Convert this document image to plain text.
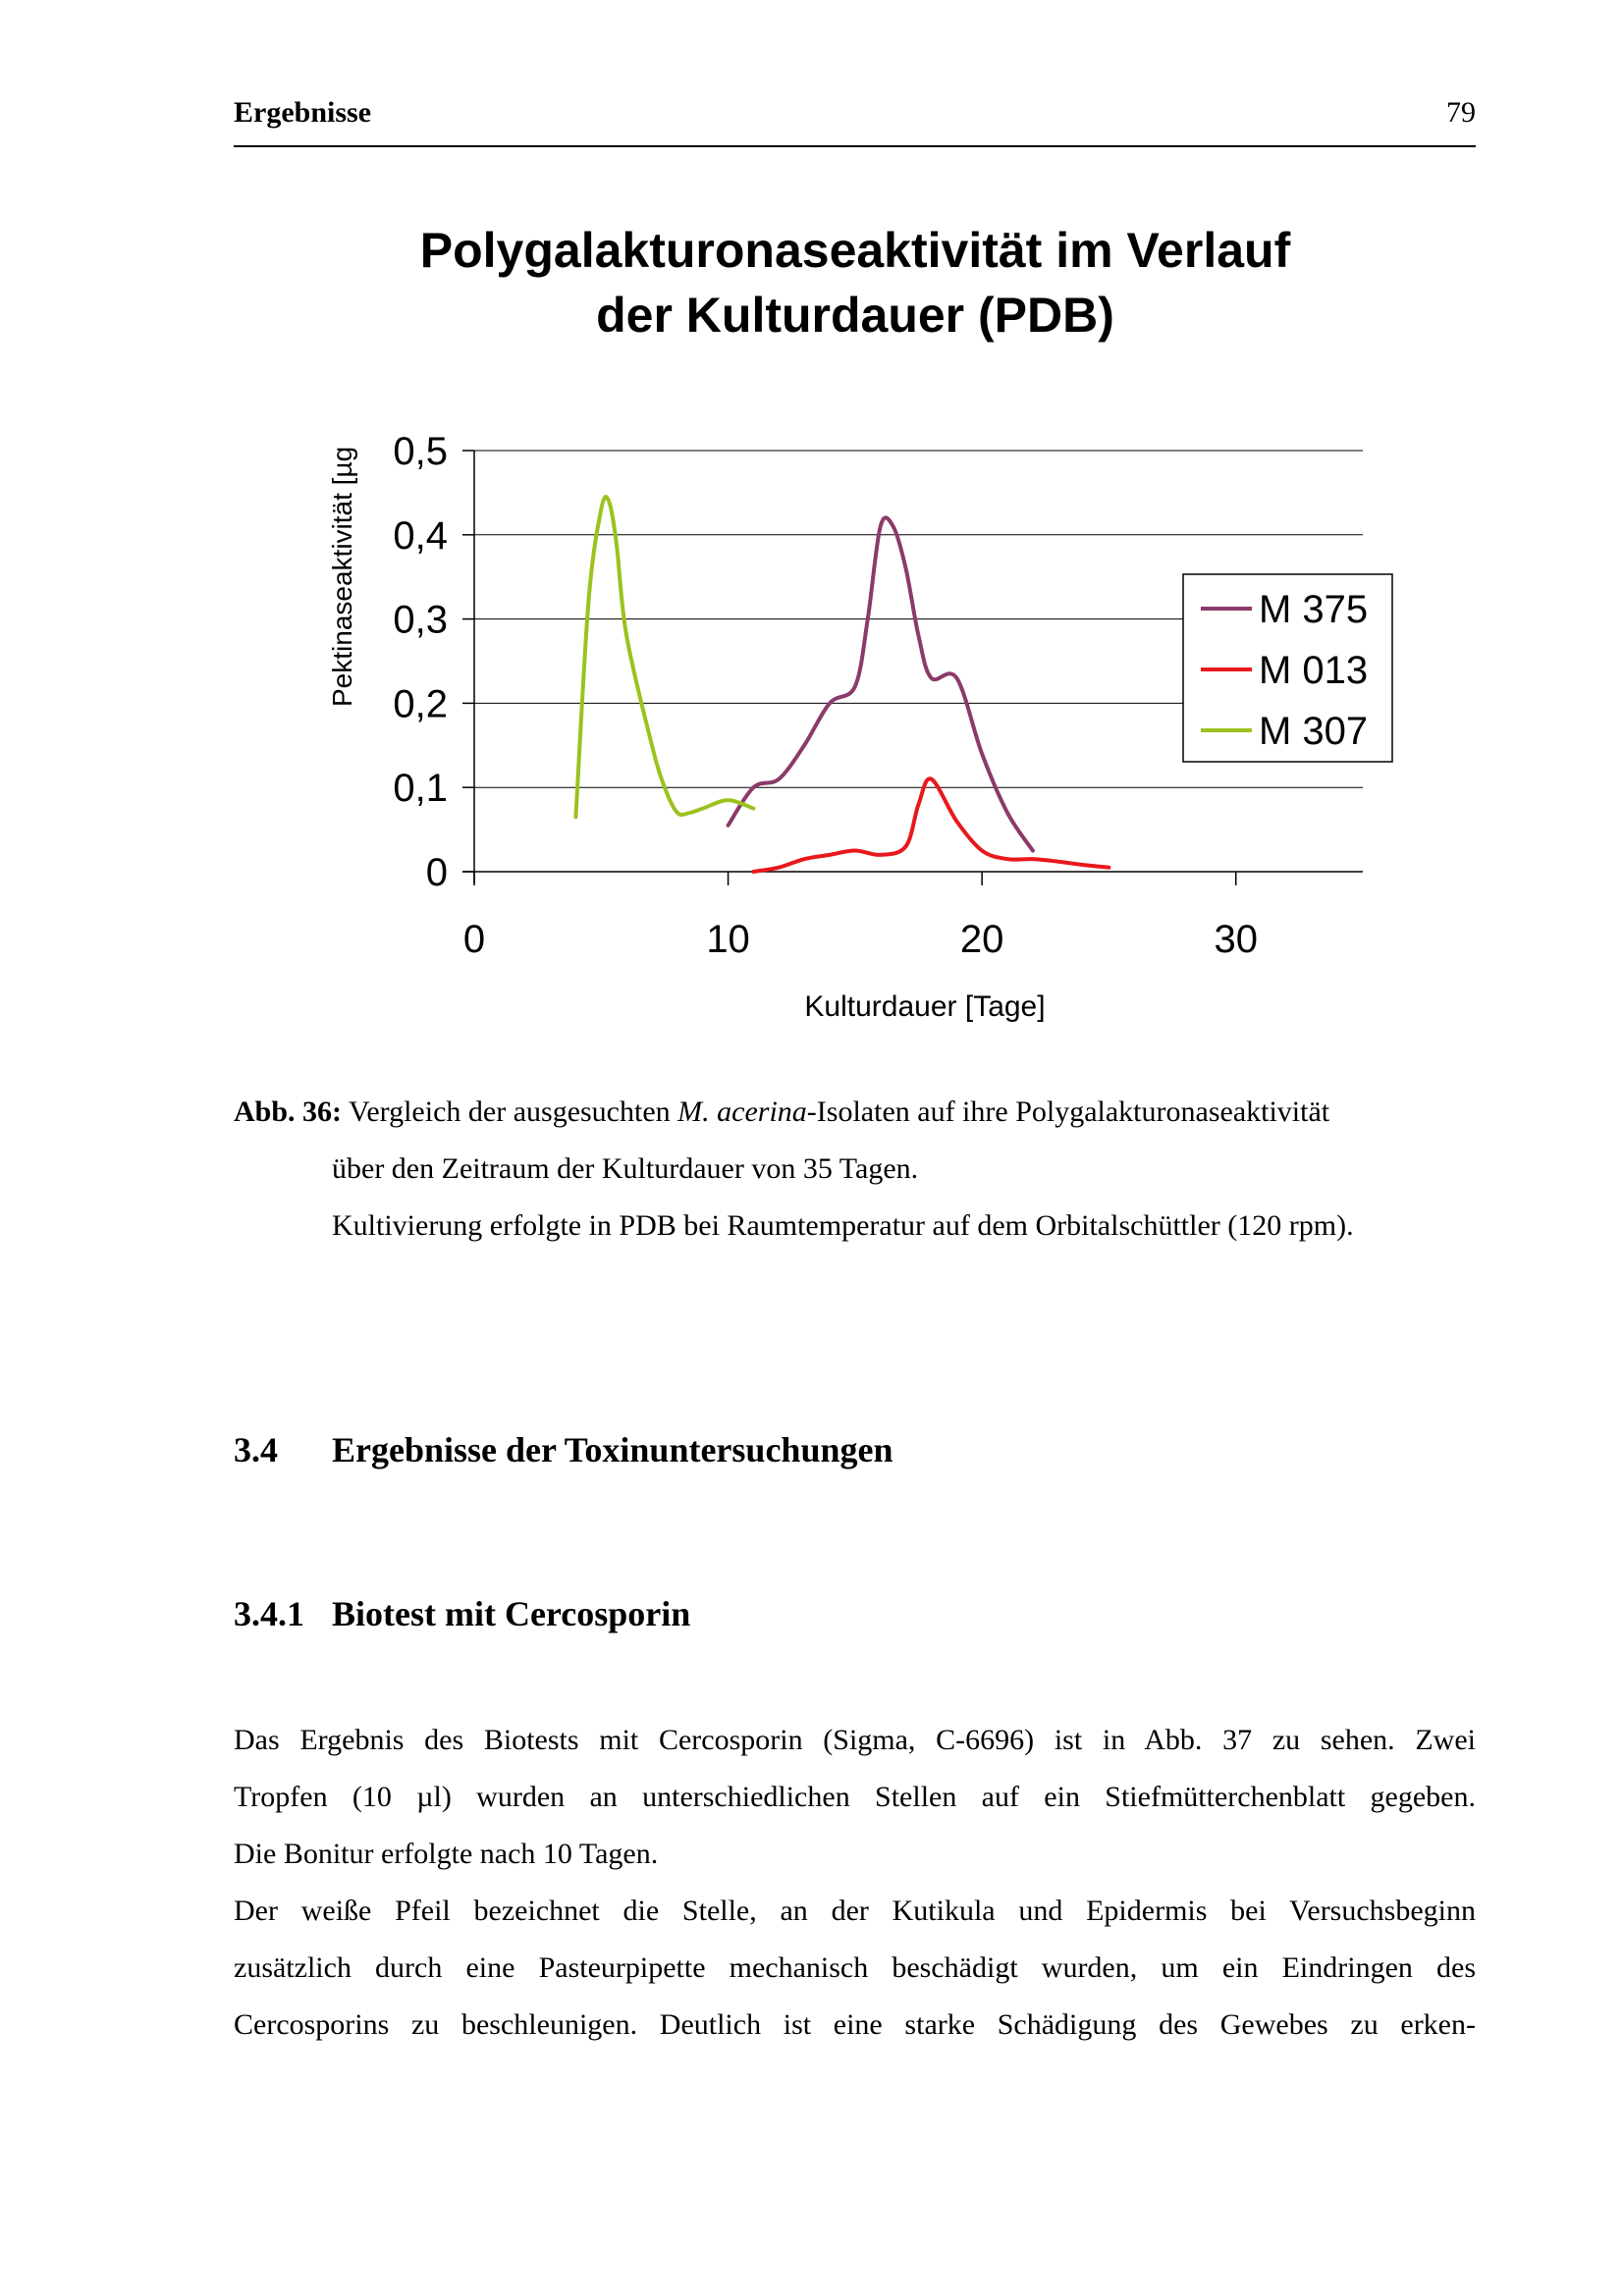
Ergebnisse	79
Polygalakturonaseaktivität im Verlauf
der Kulturdauer (PDB)
0
0,1
0,2
0,3
0,4
0,5
0	10	20	30
Pektinaseaktivität [µg
Kulturdauer [Tage]
M 375
M 013
M 307
Abb. 36: Vergleich der ausgesuchten M. acerina-Isolaten auf ihre Polygalakturonaseaktivität
über den Zeitraum der Kulturdauer von 35 Tagen.
Kultivierung erfolgte in PDB bei Raumtemperatur auf dem Orbitalschüttler (120 rpm).
3.4 Ergebnisse der Toxinuntersuchungen
3.4.1 Biotest mit Cercosporin

Das Ergebnis des Biotests mit Cercosporin (Sigma, C-6696) ist in Abb. 37 zu sehen. Zwei

Tropfen (10 µl) wurden an unterschiedlichen Stellen auf ein Stiefmütterchenblatt gegeben.

Die Bonitur erfolgte nach 10 Tagen.

Der weiße Pfeil bezeichnet die Stelle, an der Kutikula und Epidermis bei Versuchsbeginn

zusätzlich durch eine Pasteurpipette mechanisch beschädigt wurden, um ein Eindringen des

Cercosporins zu beschleunigen. Deutlich ist eine starke Schädigung des Gewebes zu erken-
